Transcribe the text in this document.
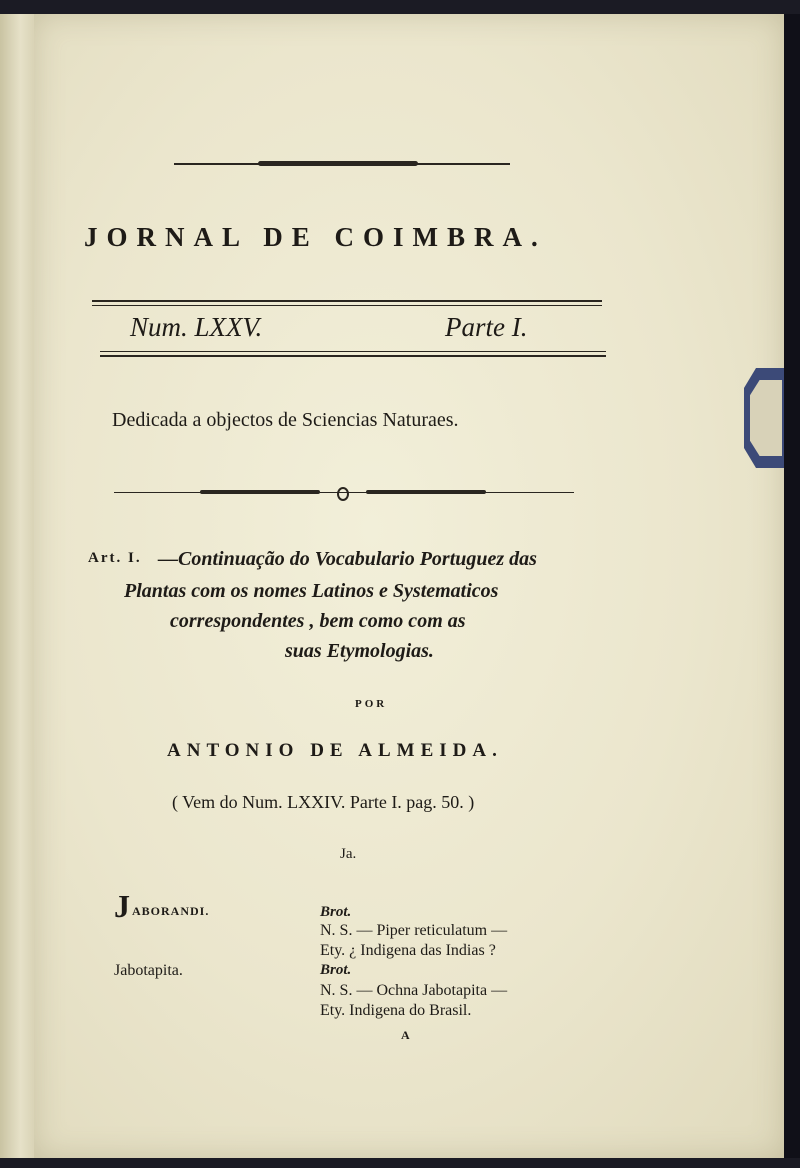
JORNAL DE COIMBRA.
Num. LXXV.	Parte I.
Dedicada a objectos de Sciencias Naturaes.
Art. I. —Continuação do Vocabulario Portuguez das
Plantas com os nomes Latinos e Systematicos
correspondentes , bem como com as
suas Etymologias.
POR
ANTONIO DE ALMEIDA.
( Vem do Num. LXXIV. Parte I. pag. 50. )
Ja.
J ABORANDI.	Brot.
N. S. — Piper reticulatum —
Ety. ¿ Indigena das Indias ?
Jabotapita.	Brot.
N. S. — Ochna Jabotapita —
Ety. Indigena do Brasil.
A
